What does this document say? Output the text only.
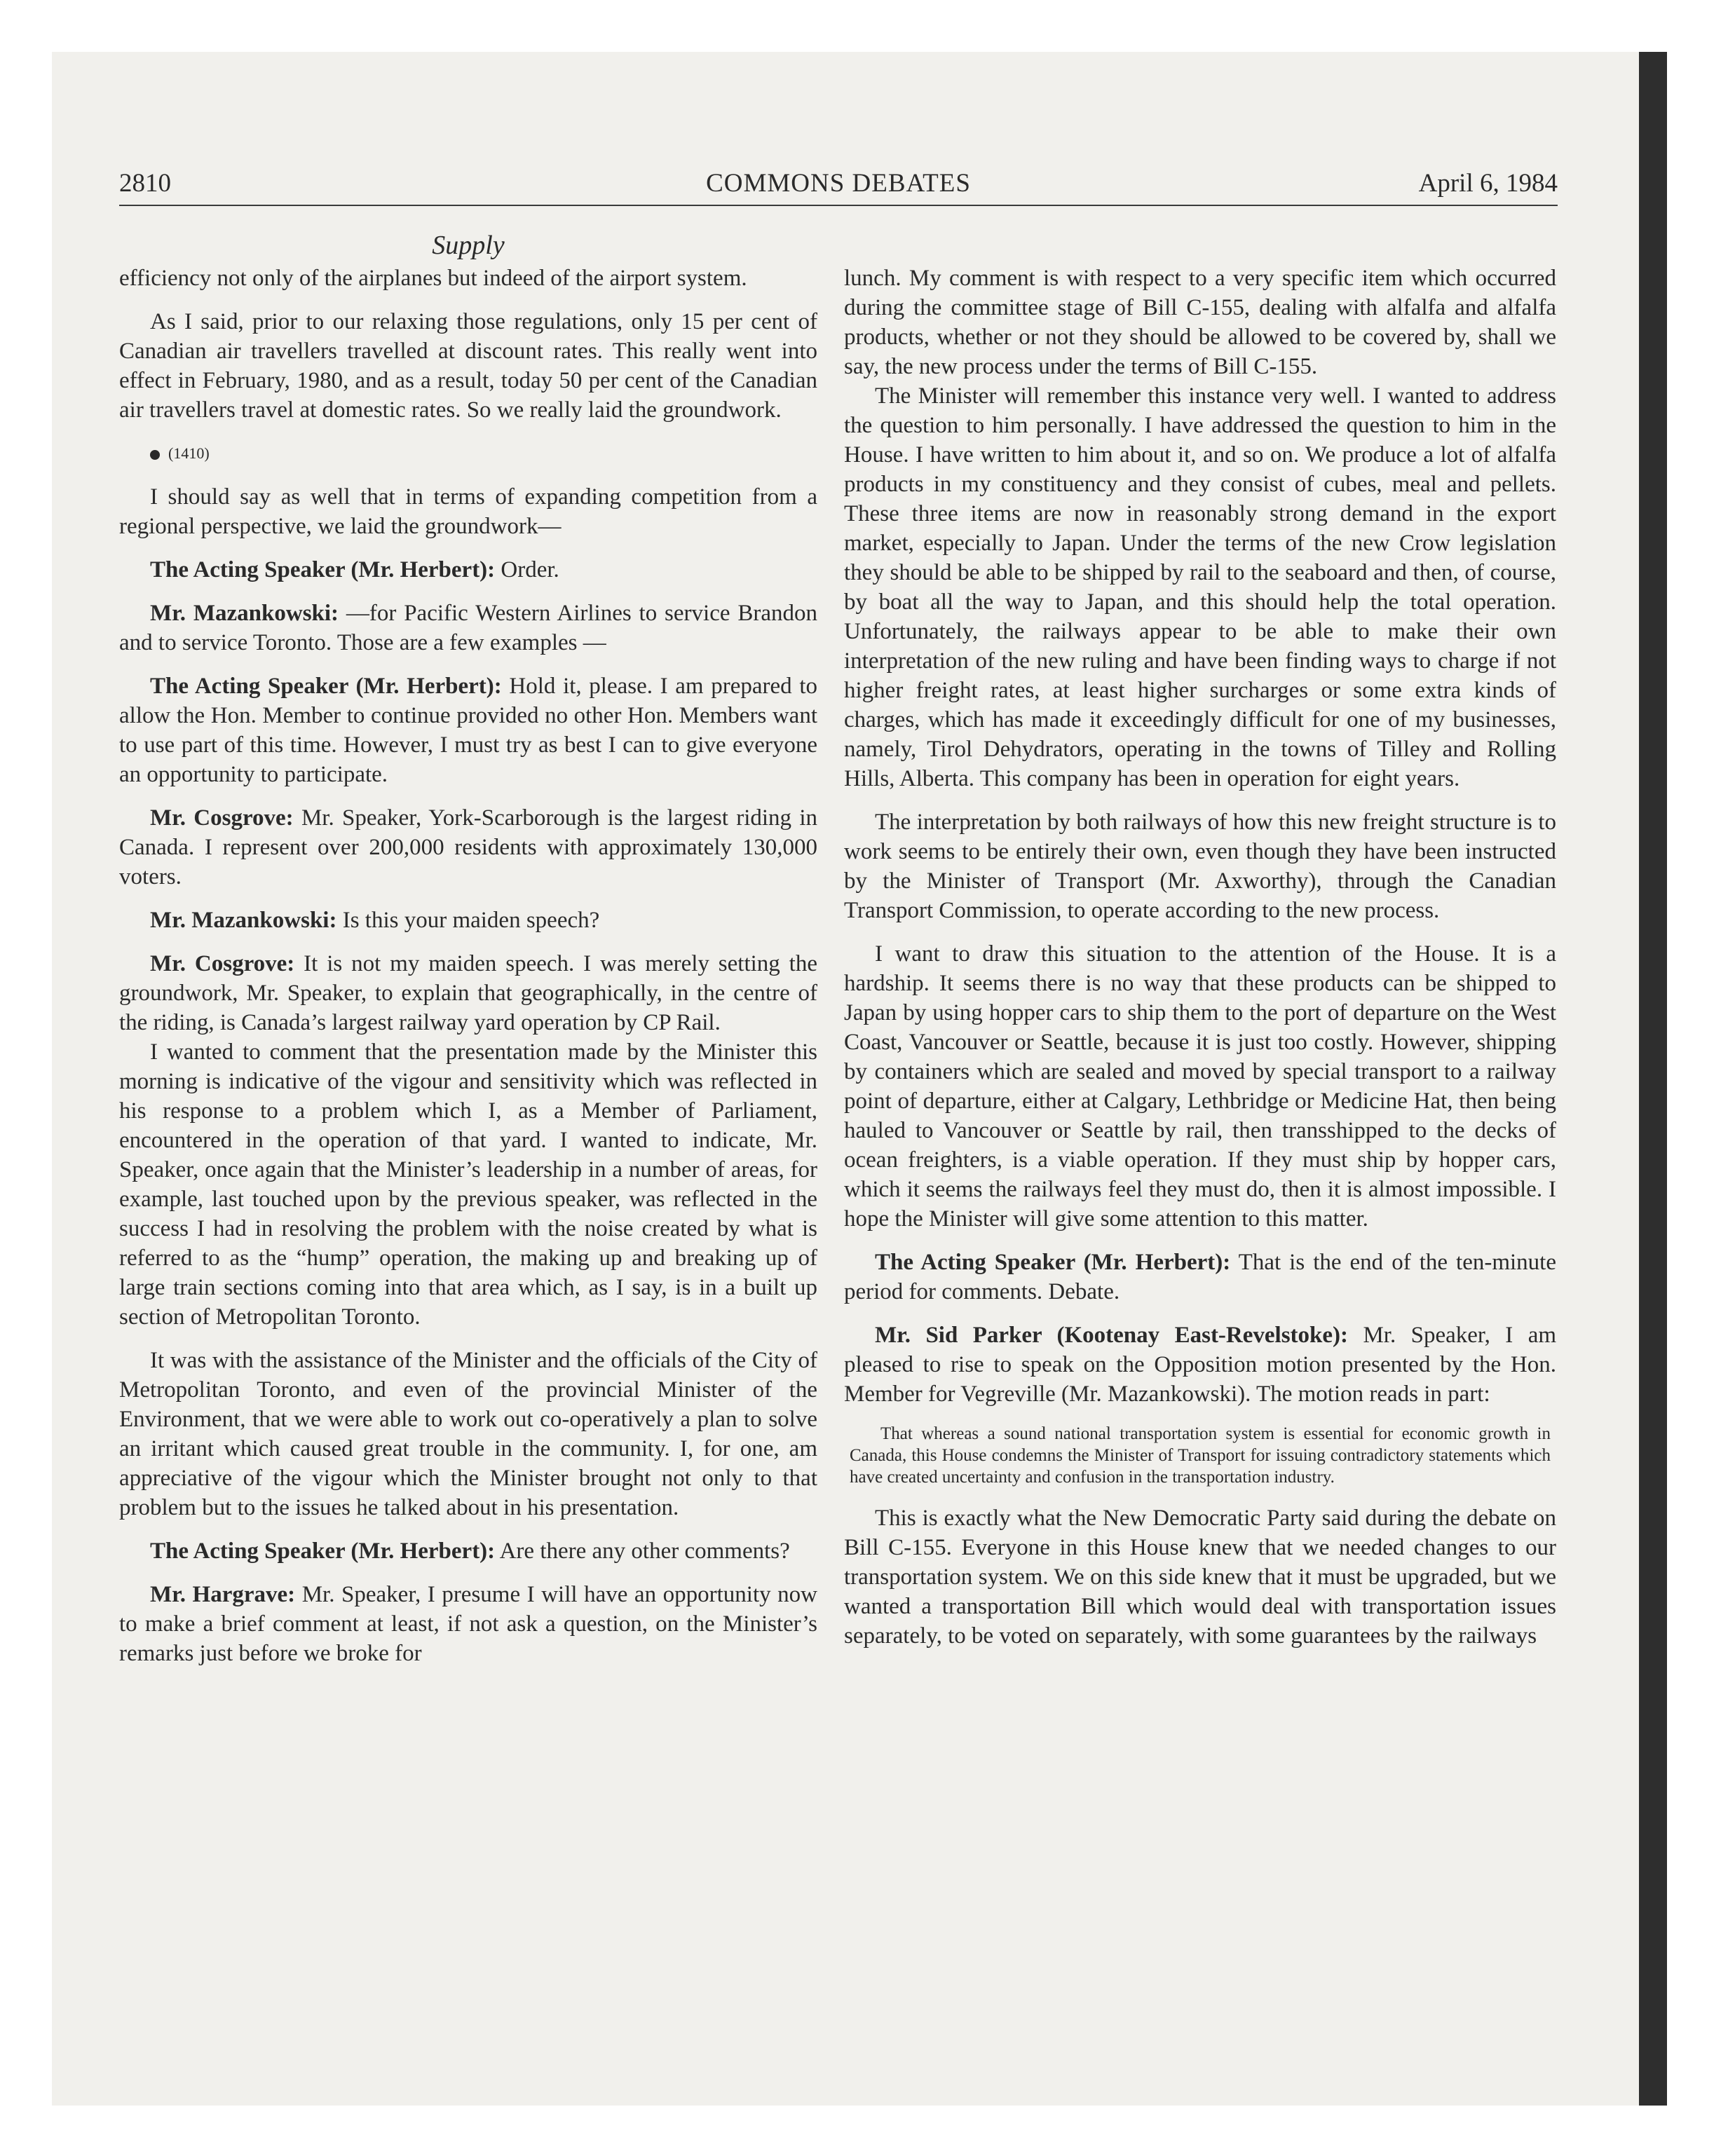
2810	COMMONS DEBATES	April 6, 1984
Supply

efficiency not only of the airplanes but indeed of the airport system.

As I said, prior to our relaxing those regulations, only 15 per cent of Canadian air travellers travelled at discount rates. This really went into effect in February, 1980, and as a result, today 50 per cent of the Canadian air travellers travel at domestic rates. So we really laid the groundwork.

(1410)

I should say as well that in terms of expanding competition from a regional perspective, we laid the groundwork—

The Acting Speaker (Mr. Herbert): Order.

Mr. Mazankowski: —for Pacific Western Airlines to service Brandon and to service Toronto. Those are a few examples —

The Acting Speaker (Mr. Herbert): Hold it, please. I am prepared to allow the Hon. Member to continue provided no other Hon. Members want to use part of this time. However, I must try as best I can to give everyone an opportunity to participate.

Mr. Cosgrove: Mr. Speaker, York-Scarborough is the largest riding in Canada. I represent over 200,000 residents with approximately 130,000 voters.

Mr. Mazankowski: Is this your maiden speech?

Mr. Cosgrove: It is not my maiden speech. I was merely setting the groundwork, Mr. Speaker, to explain that geographically, in the centre of the riding, is Canada’s largest railway yard operation by CP Rail.

I wanted to comment that the presentation made by the Minister this morning is indicative of the vigour and sensitivity which was reflected in his response to a problem which I, as a Member of Parliament, encountered in the operation of that yard. I wanted to indicate, Mr. Speaker, once again that the Minister’s leadership in a number of areas, for example, last touched upon by the previous speaker, was reflected in the success I had in resolving the problem with the noise created by what is referred to as the “hump” operation, the making up and breaking up of large train sections coming into that area which, as I say, is in a built up section of Metropolitan Toronto.

It was with the assistance of the Minister and the officials of the City of Metropolitan Toronto, and even of the provincial Minister of the Environment, that we were able to work out co-operatively a plan to solve an irritant which caused great trouble in the community. I, for one, am appreciative of the vigour which the Minister brought not only to that problem but to the issues he talked about in his presentation.

The Acting Speaker (Mr. Herbert): Are there any other comments?

Mr. Hargrave: Mr. Speaker, I presume I will have an opportunity now to make a brief comment at least, if not ask a question, on the Minister’s remarks just before we broke for

lunch. My comment is with respect to a very specific item which occurred during the committee stage of Bill C-155, dealing with alfalfa and alfalfa products, whether or not they should be allowed to be covered by, shall we say, the new process under the terms of Bill C-155.

The Minister will remember this instance very well. I wanted to address the question to him personally. I have addressed the question to him in the House. I have written to him about it, and so on. We produce a lot of alfalfa products in my constituency and they consist of cubes, meal and pellets. These three items are now in reasonably strong demand in the export market, especially to Japan. Under the terms of the new Crow legislation they should be able to be shipped by rail to the seaboard and then, of course, by boat all the way to Japan, and this should help the total operation. Unfortunately, the railways appear to be able to make their own interpretation of the new ruling and have been finding ways to charge if not higher freight rates, at least higher surcharges or some extra kinds of charges, which has made it exceedingly difficult for one of my businesses, namely, Tirol Dehydrators, operating in the towns of Tilley and Rolling Hills, Alberta. This company has been in operation for eight years.

The interpretation by both railways of how this new freight structure is to work seems to be entirely their own, even though they have been instructed by the Minister of Transport (Mr. Axworthy), through the Canadian Transport Commission, to operate according to the new process.

I want to draw this situation to the attention of the House. It is a hardship. It seems there is no way that these products can be shipped to Japan by using hopper cars to ship them to the port of departure on the West Coast, Vancouver or Seattle, because it is just too costly. However, shipping by containers which are sealed and moved by special transport to a railway point of departure, either at Calgary, Lethbridge or Medicine Hat, then being hauled to Vancouver or Seattle by rail, then transshipped to the decks of ocean freighters, is a viable operation. If they must ship by hopper cars, which it seems the railways feel they must do, then it is almost impossible. I hope the Minister will give some attention to this matter.

The Acting Speaker (Mr. Herbert): That is the end of the ten-minute period for comments. Debate.

Mr. Sid Parker (Kootenay East-Revelstoke): Mr. Speaker, I am pleased to rise to speak on the Opposition motion presented by the Hon. Member for Vegreville (Mr. Mazankowski). The motion reads in part:

That whereas a sound national transportation system is essential for economic growth in Canada, this House condemns the Minister of Transport for issuing contradictory statements which have created uncertainty and confusion in the transportation industry.

This is exactly what the New Democratic Party said during the debate on Bill C-155. Everyone in this House knew that we needed changes to our transportation system. We on this side knew that it must be upgraded, but we wanted a transportation Bill which would deal with transportation issues separately, to be voted on separately, with some guarantees by the railways
